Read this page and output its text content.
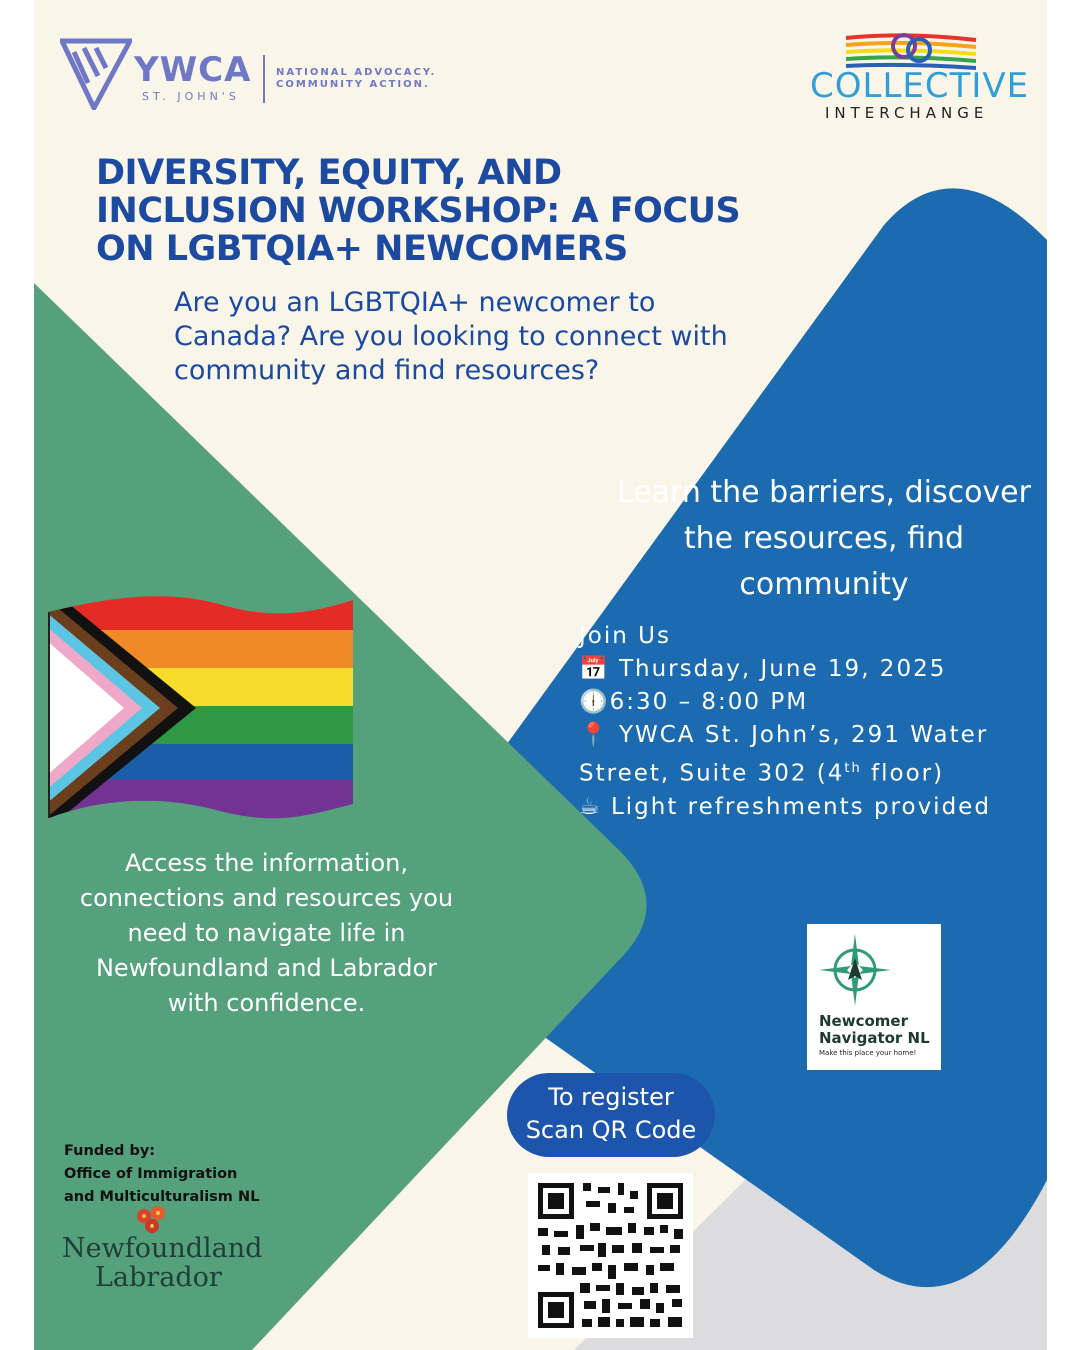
YWCA
ST. JOHN'S
NATIONAL ADVOCACY.
COMMUNITY ACTION.	COLLECTIVE
INTERCHANGE
DIVERSITY, EQUITY, AND INCLUSION WORKSHOP: A FOCUS ON LGBTQIA+ NEWCOMERS
Are you an LGBTQIA+ newcomer to Canada? Are you looking to connect with community and find resources?
Learn the barriers, discover the resources, find community
Join Us
📅 Thursday, June 19, 2025
🕕6:30 – 8:00 PM
📍 YWCA St. John’s, 291 Water
Street, Suite 302 (4th floor)
☕ Light refreshments provided
Access the information, connections and resources you need to navigate life in Newfoundland and Labrador with confidence.
Newcomer
Navigator NL
Make this place your home!
To register
Scan QR Code
Funded by:
Office of Immigration
and Multiculturalism NL
Newfoundland
Labrador
